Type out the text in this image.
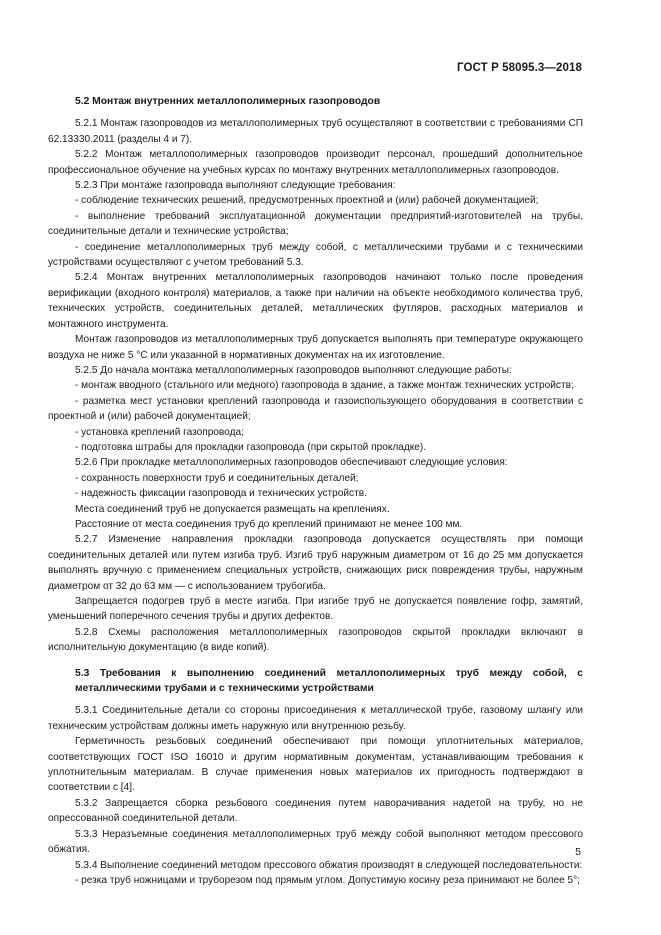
ГОСТ Р 58095.3—2018

5.2 Монтаж внутренних металлополимерных газопроводов

5.2.1 Монтаж газопроводов из металлополимерных труб осуществляют в соответствии с требованиями СП 62.13330.2011 (разделы 4 и 7).

5.2.2 Монтаж металлополимерных газопроводов производит персонал, прошедший дополнительное профессиональное обучение на учебных курсах по монтажу внутренних металлополимерных газопроводов.

5.2.3 При монтаже газопровода выполняют следующие требования:

- соблюдение технических решений, предусмотренных проектной и (или) рабочей документацией;

- выполнение требований эксплуатационной документации предприятий-изготовителей на трубы, соединительные детали и технические устройства;

- соединение металлополимерных труб между собой, с металлическими трубами и с техническими устройствами осуществляют с учетом требований 5.3.

5.2.4 Монтаж внутренних металлополимерных газопроводов начинают только после проведения верификации (входного контроля) материалов, а также при наличии на объекте необходимого количества труб, технических устройств, соединительных деталей, металлических футляров, расходных материалов и монтажного инструмента.

Монтаж газопроводов из металлополимерных труб допускается выполнять при температуре окружающего воздуха не ниже 5 °С или указанной в нормативных документах на их изготовление.

5.2.5 До начала монтажа металлополимерных газопроводов выполняют следующие работы:

- монтаж вводного (стального или медного) газопровода в здание, а также монтаж технических устройств;

- разметка мест установки креплений газопровода и газоиспользующего оборудования в соответствии с проектной и (или) рабочей документацией;

- установка креплений газопровода;

- подготовка штрабы для прокладки газопровода (при скрытой прокладке).

5.2.6 При прокладке металлополимерных газопроводов обеспечивают следующие условия:

- сохранность поверхности труб и соединительных деталей;

- надежность фиксации газопровода и технических устройств.

Места соединений труб не допускается размещать на креплениях.

Расстояние от места соединения труб до креплений принимают не менее 100 мм.

5.2.7 Изменение направления прокладки газопровода допускается осуществлять при помощи соединительных деталей или путем изгиба труб. Изгиб труб наружным диаметром от 16 до 25 мм допускается выполнять вручную с применением специальных устройств, снижающих риск повреждения трубы, наружным диаметром от 32 до 63 мм — с использованием трубогиба.

Запрещается подогрев труб в месте изгиба. При изгибе труб не допускается появление гофр, замятий, уменьшений поперечного сечения трубы и других дефектов.

5.2.8 Схемы расположения металлополимерных газопроводов скрытой прокладки включают в исполнительную документацию (в виде копий).

5.3 Требования к выполнению соединений металлополимерных труб между собой, с металлическими трубами и с техническими устройствами

5.3.1 Соединительные детали со стороны присоединения к металлической трубе, газовому шлангу или техническим устройствам должны иметь наружную или внутреннюю резьбу.

Герметичность резьбовых соединений обеспечивают при помощи уплотнительных материалов, соответствующих ГОСТ ISO 16010 и другим нормативным документам, устанавливающим требования к уплотнительным материалам. В случае применения новых материалов их пригодность подтверждают в соответствии с [4].

5.3.2 Запрещается сборка резьбового соединения путем наворачивания надетой на трубу, но не опрессованной соединительной детали.

5.3.3 Неразъемные соединения металлополимерных труб между собой выполняют методом прессового обжатия.

5.3.4 Выполнение соединений методом прессового обжатия производят в следующей последовательности:

- резка труб ножницами и труборезом под прямым углом. Допустимую косину реза принимают не более 5°;

5
